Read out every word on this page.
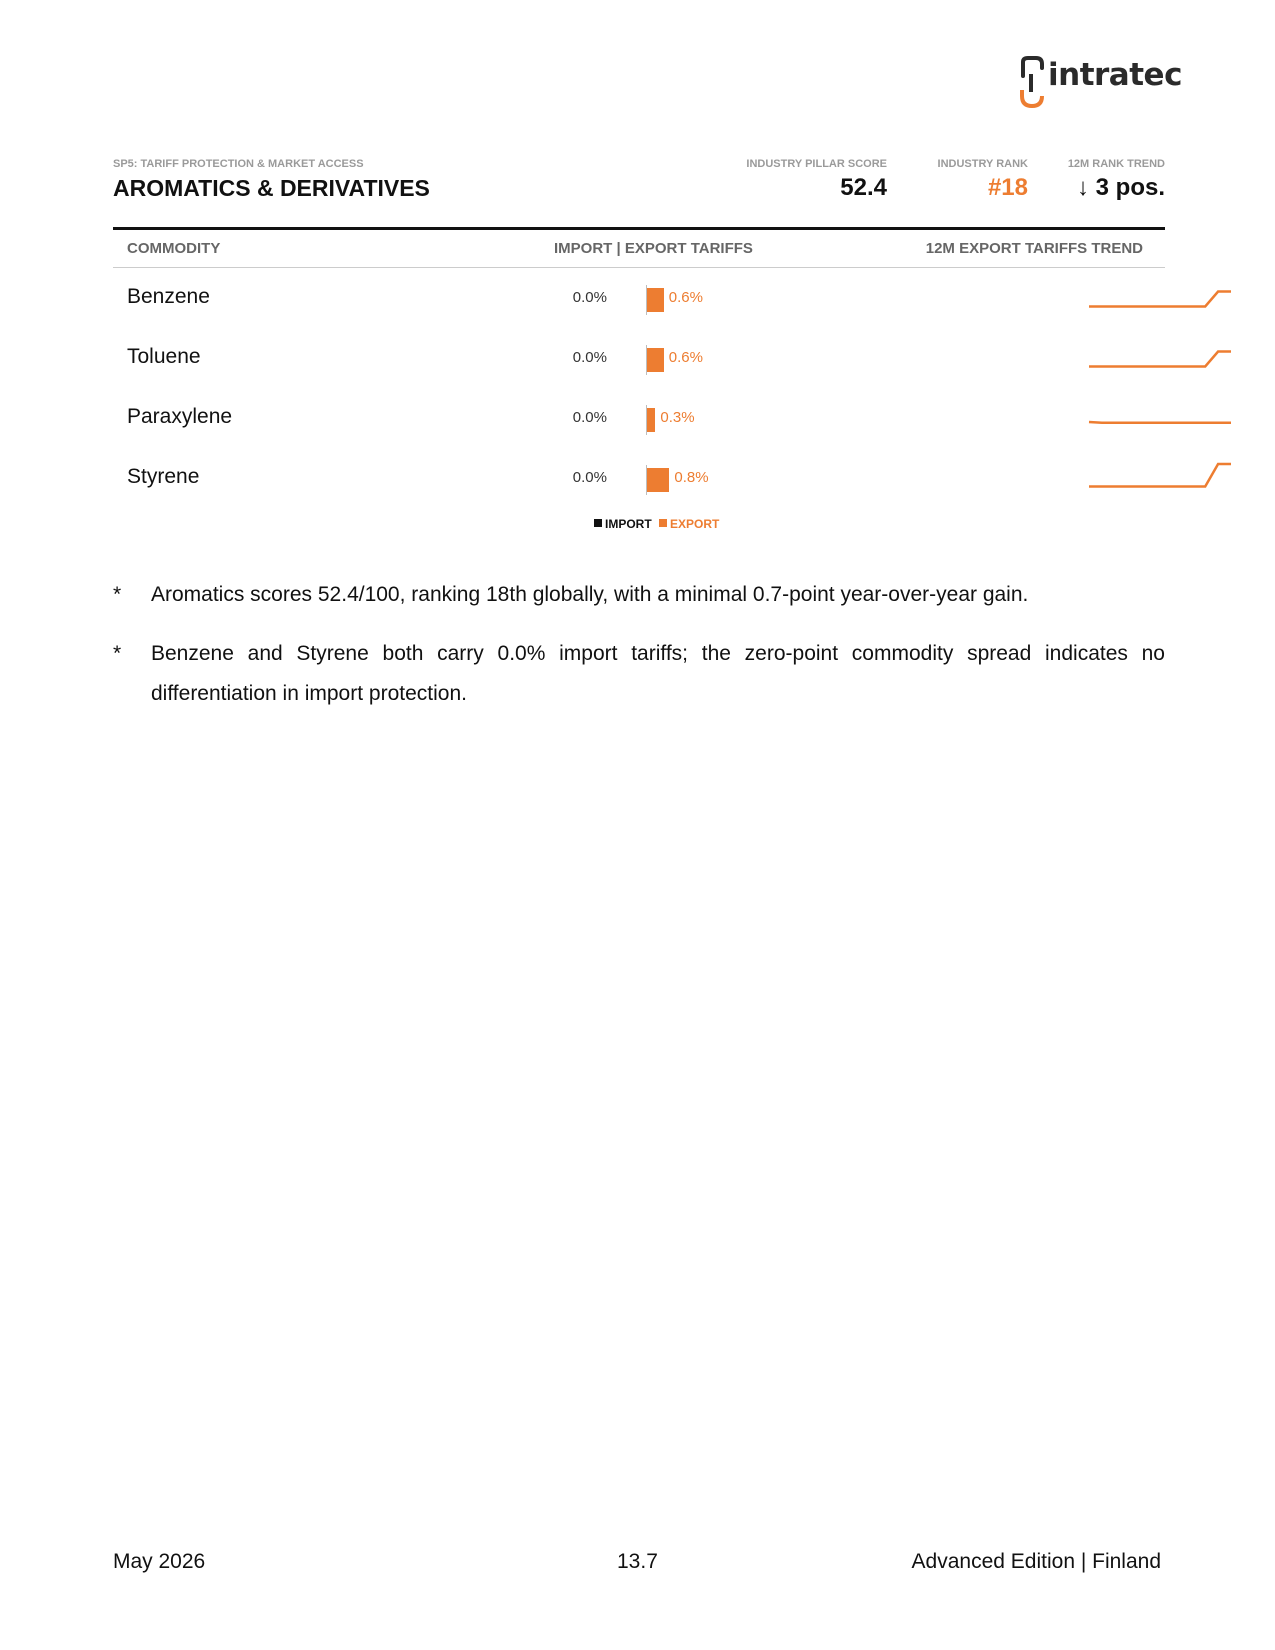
intratec
SP5: TARIFF PROTECTION & MARKET ACCESS
AROMATICS & DERIVATIVES
INDUSTRY PILLAR SCORE
52.4
INDUSTRY RANK
#18
12M RANK TREND
↓ 3 pos.
COMMODITY	IMPORT | EXPORT TARIFFS	12M EXPORT TARIFFS TREND
Benzene	0.0%	0.6%
Toluene	0.0%	0.6%
Paraxylene	0.0%	0.3%
Styrene	0.0%	0.8%
IMPORT EXPORT
* Aromatics scores 52.4/100, ranking 18th globally, with a minimal 0.7-point year-over-year gain.
* Benzene and Styrene both carry 0.0% import tariffs; the zero-point commodity spread indicates no differentiation in import protection.
May 2026	13.7	Advanced Edition | Finland
